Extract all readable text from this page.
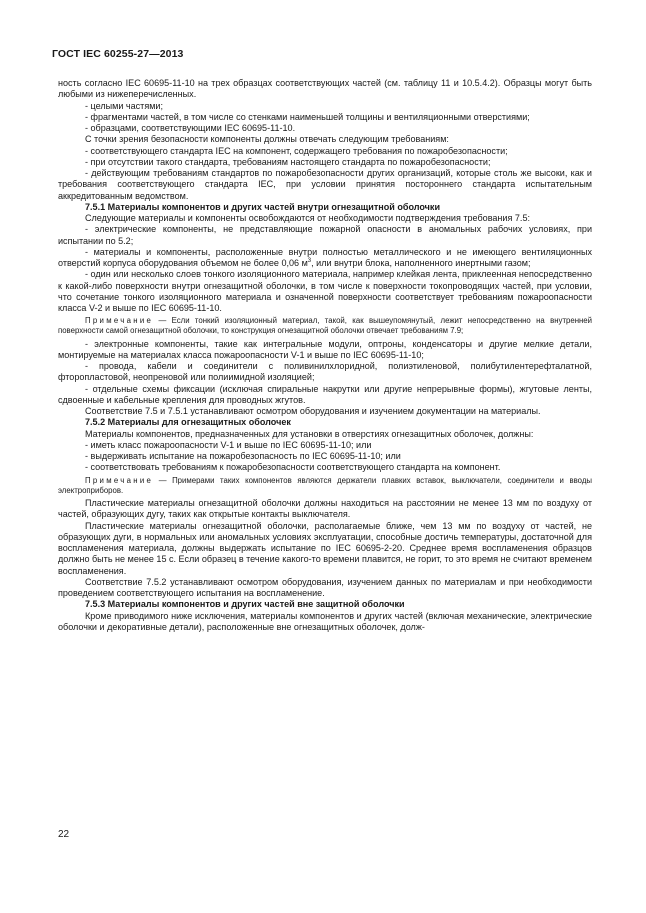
ГОСТ IEC 60255-27—2013

ность согласно IEC 60695-11-10 на трех образцах соответствующих частей (см. таблицу 11 и 10.5.4.2). Образцы могут быть любыми из нижеперечисленных.

- целыми частями;

- фрагментами частей, в том числе со стенками наименьшей толщины и вентиляционными отверстиями;

- образцами, соответствующими IEC 60695-11-10.

С точки зрения безопасности компоненты должны отвечать следующим требованиям:

- соответствующего стандарта IEC на компонент, содержащего требования по пожаробезопасности;

- при отсутствии такого стандарта, требованиям настоящего стандарта по пожаробезопасности;

- действующим требованиям стандартов по пожаробезопасности других организаций, которые столь же высоки, как и требования соответствующего стандарта IEC, при условии принятия постороннего стандарта испытательным аккредитованным ведомством.

7.5.1 Материалы компонентов и других частей внутри огнезащитной оболочки

Следующие материалы и компоненты освобождаются от необходимости подтверждения требования 7.5:

- электрические компоненты, не представляющие пожарной опасности в аномальных рабочих условиях, при испытании по 5.2;

- материалы и компоненты, расположенные внутри полностью металлического и не имеющего вентиляционных отверстий корпуса оборудования объемом не более 0,06 $м^3$, или внутри блока, наполненного инертными газом;

- один или несколько слоев тонкого изоляционного материала, например клейкая лента, приклеенная непосредственно к какой-либо поверхности внутри огнезащитной оболочки, в том числе к поверхности токопроводящих частей, при условии, что сочетание тонкого изоляционного материала и означенной поверхности соответствует требованиям пожароопасности класса V-2 и выше по IEC 60695-11-10.

Примечание — Если тонкий изоляционный материал, такой, как вышеупомянутый, лежит непосредственно на внутренней поверхности самой огнезащитной оболочки, то конструкция огнезащитной оболочки отвечает требованиям 7.9;

- электронные компоненты, такие как интегральные модули, оптроны, конденсаторы и другие мелкие детали, монтируемые на материалах класса пожароопасности V-1 и выше по IEC 60695-11-10;

- провода, кабели и соединители с поливинилхлоридной, полиэтиленовой, полибутилентерефталатной, фторопластовой, неопреновой или полиимидной изоляцией;

- отдельные схемы фиксации (исключая спиральные накрутки или другие непрерывные формы), жгутовые ленты, сдвоенные и кабельные крепления для проводных жгутов.

Соответствие 7.5 и 7.5.1 устанавливают осмотром оборудования и изучением документации на материалы.

7.5.2 Материалы для огнезащитных оболочек

Материалы компонентов, предназначенных для установки в отверстиях огнезащитных оболочек, должны:

- иметь класс пожароопасности V-1 и выше по IEC 60695-11-10; или

- выдерживать испытание на пожаробезопасность по IEC 60695-11-10; или

- соответствовать требованиям к пожаробезопасности соответствующего стандарта на компонент.

Примечание — Примерами таких компонентов являются держатели плавких вставок, выключатели, соединители и вводы электроприборов.

Пластические материалы огнезащитной оболочки должны находиться на расстоянии не менее 13 мм по воздуху от частей, образующих дугу, таких как открытые контакты выключателя.

Пластические материалы огнезащитной оболочки, располагаемые ближе, чем 13 мм по воздуху от частей, не образующих дуги, в нормальных или аномальных условиях эксплуатации, способные достичь температуры, достаточной для воспламенения материала, должны выдержать испытание по IEC 60695-2-20. Среднее время воспламенения образцов должно быть не менее 15 с. Если образец в течение какого-то времени плавится, не горит, то это время не считают временем воспламенения.

Соответствие 7.5.2 устанавливают осмотром оборудования, изучением данных по материалам и при необходимости проведением соответствующего испытания на воспламенение.

7.5.3 Материалы компонентов и других частей вне защитной оболочки

Кроме приводимого ниже исключения, материалы компонентов и других частей (включая механические, электрические оболочки и декоративные детали), расположенные вне огнезащитных оболочек, долж-

22
